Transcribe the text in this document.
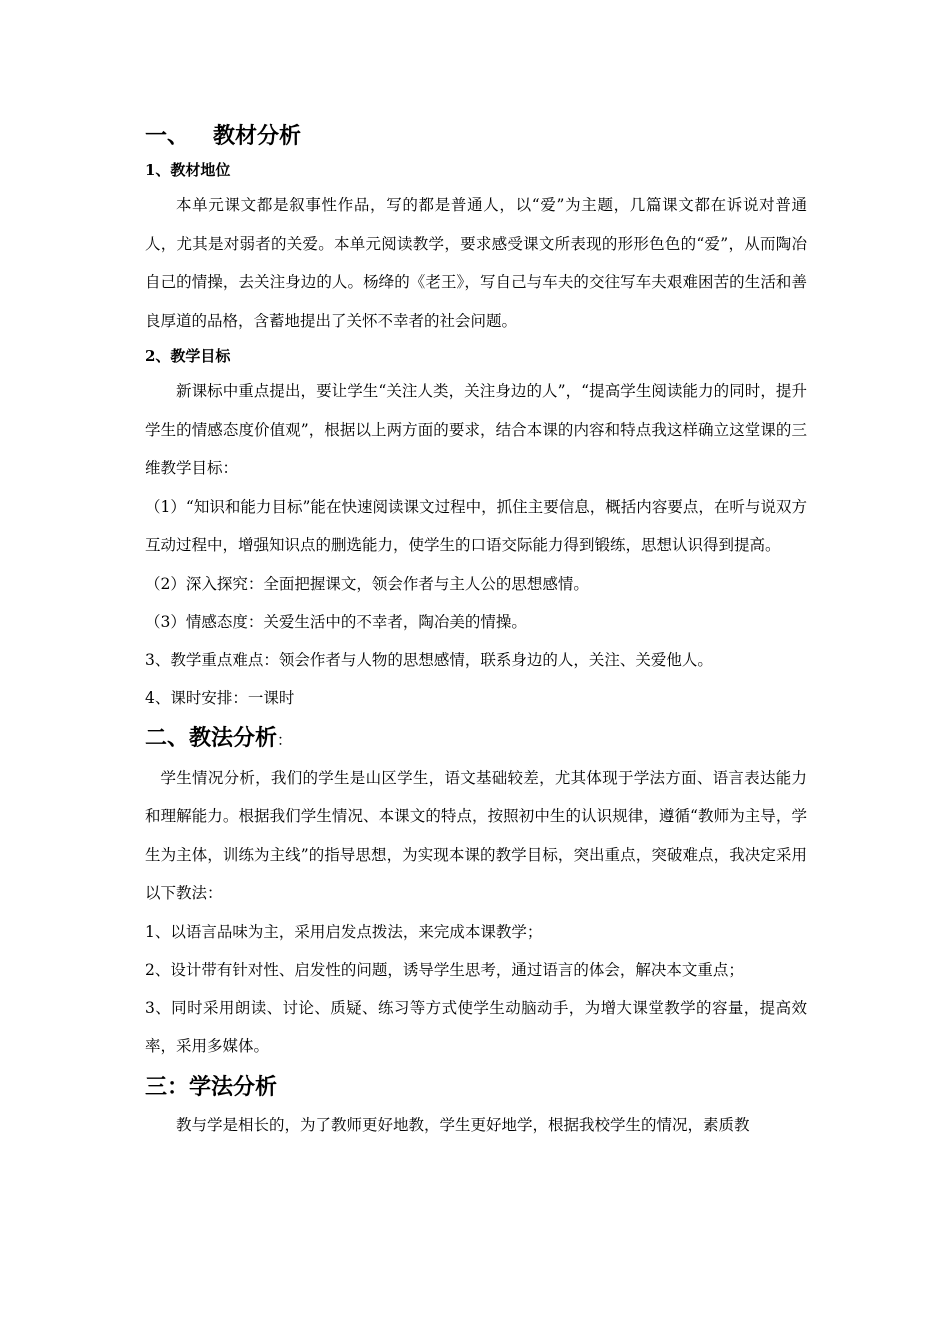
一、 教材分析
1、教材地位

本单元课文都是叙事性作品，写的都是普通人，以“爱”为主题，几篇课文都在诉说对普通人，尤其是对弱者的关爱。本单元阅读教学，要求感受课文所表现的形形色色的“爱”，从而陶冶自己的情操，去关注身边的人。杨绛的《老王》，写自己与车夫的交往写车夫艰难困苦的生活和善良厚道的品格，含蓄地提出了关怀不幸者的社会问题。

2、教学目标

新课标中重点提出，要让学生“关注人类，关注身边的人”，“提高学生阅读能力的同时，提升学生的情感态度价值观”，根据以上两方面的要求，结合本课的内容和特点我这样确立这堂课的三维教学目标：

（1）“知识和能力目标”能在快速阅读课文过程中，抓住主要信息，概括内容要点，在听与说双方互动过程中，增强知识点的删选能力，使学生的口语交际能力得到锻练，思想认识得到提高。

（2）深入探究：全面把握课文，领会作者与主人公的思想感情。

（3）情感态度：关爱生活中的不幸者，陶冶美的情操。

3、教学重点难点：领会作者与人物的思想感情，联系身边的人，关注、关爱他人。

4、课时安排：一课时

二、教法分析：

学生情况分析，我们的学生是山区学生，语文基础较差，尤其体现于学法方面、语言表达能力和理解能力。根据我们学生情况、本课文的特点，按照初中生的认识规律，遵循“教师为主导，学生为主体，训练为主线”的指导思想，为实现本课的教学目标，突出重点，突破难点，我决定采用以下教法：

1、以语言品味为主，采用启发点拨法，来完成本课教学；

2、设计带有针对性、启发性的问题，诱导学生思考，通过语言的体会，解决本文重点；

3、同时采用朗读、讨论、质疑、练习等方式使学生动脑动手，为增大课堂教学的容量，提高效率，采用多媒体。

三：学法分析

教与学是相长的，为了教师更好地教，学生更好地学，根据我校学生的情况，素质教
